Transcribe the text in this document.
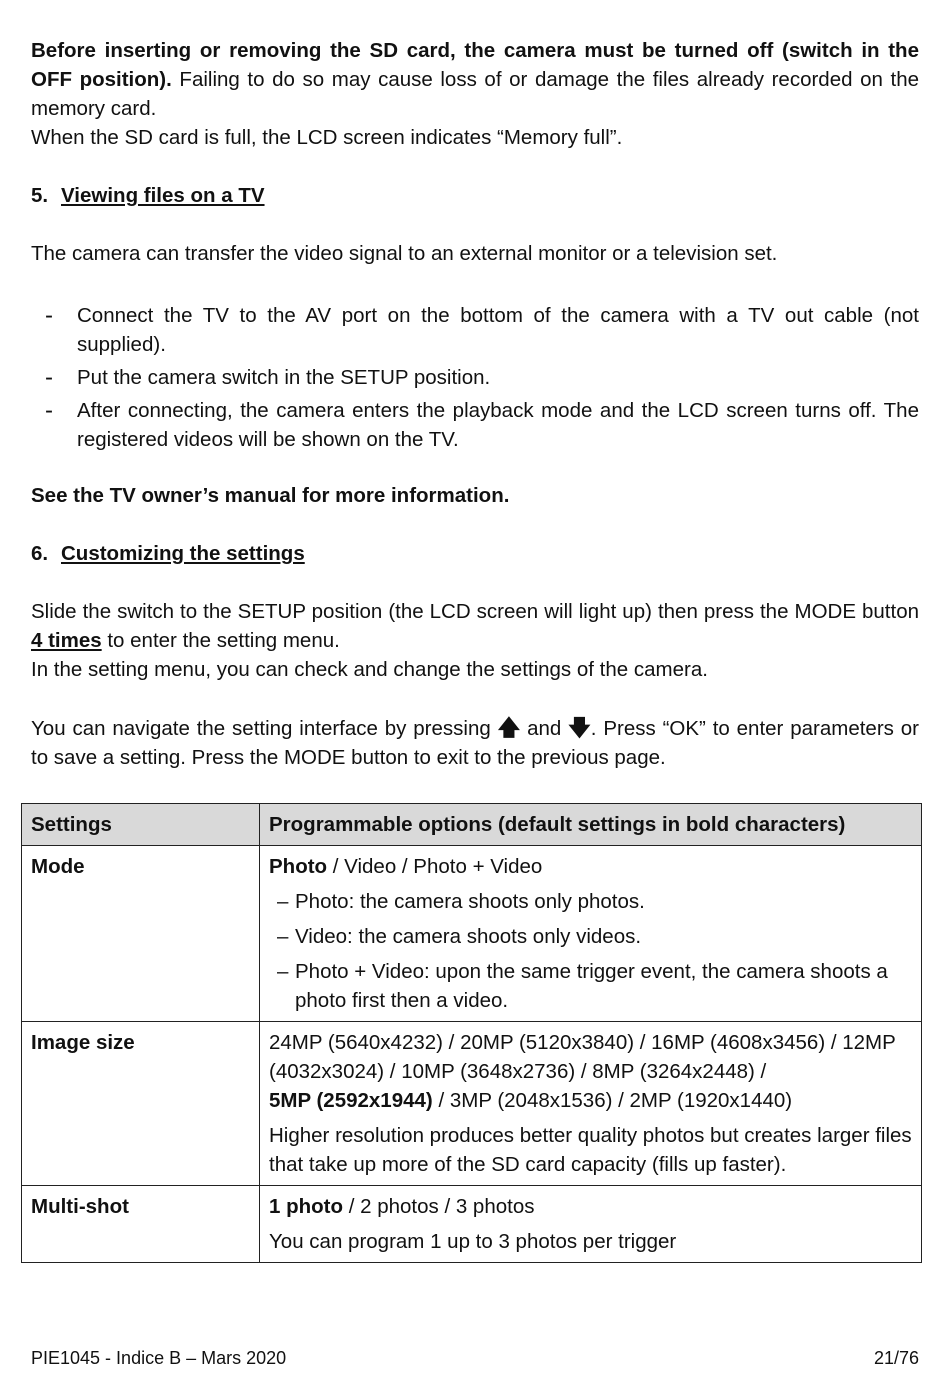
Before inserting or removing the SD card, the camera must be turned off (switch in the OFF position). Failing to do so may cause loss of or damage the files already recorded on the memory card.

When the SD card is full, the LCD screen indicates “Memory full”.

5. Viewing files on a TV

The camera can transfer the video signal to an external monitor or a television set.

- Connect the TV to the AV port on the bottom of the camera with a TV out cable (not supplied).
- Put the camera switch in the SETUP position.
- After connecting, the camera enters the playback mode and the LCD screen turns off. The registered videos will be shown on the TV.

See the TV owner’s manual for more information.

6. Customizing the settings

Slide the switch to the SETUP position (the LCD screen will light up) then press the MODE button 4 times to enter the setting menu.

In the setting menu, you can check and change the settings of the camera.

You can navigate the setting interface by pressing 🡅 and 🡇. Press “OK” to enter parameters or to save a setting. Press the MODE button to exit to the previous page.

Settings	Programmable options (default settings in bold characters)
Mode	Photo / Video / Photo + Video
– Photo: the camera shoots only photos.
– Video: the camera shoots only videos.
– Photo + Video: upon the same trigger event, the camera shoots a photo first then a video.

Image size	24MP (5640x4232) / 20MP (5120x3840) / 16MP (4608x3456) / 12MP (4032x3024) / 10MP (3648x2736) / 8MP (3264x2448) /
5MP (2592x1944) / 3MP (2048x1536) / 2MP (1920x1440)
Higher resolution produces better quality photos but creates larger files that take up more of the SD card capacity (fills up faster).

Multi-shot	1 photo / 2 photos / 3 photos
You can program 1 up to 3 photos per trigger
PIE1045 - Indice B – Mars 2020	21/76
